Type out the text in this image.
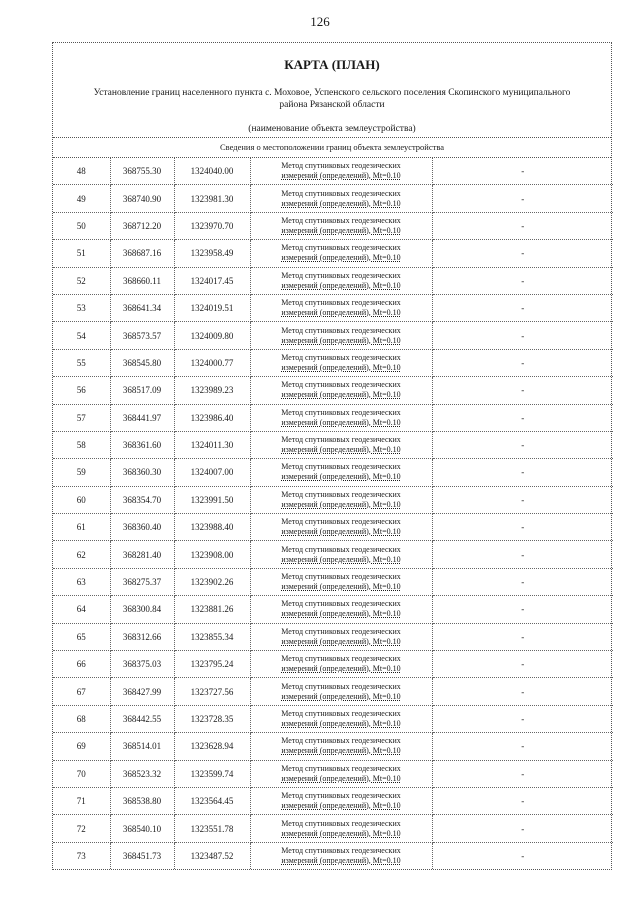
126
КАРТА (ПЛАН)
Установление границ населенного пункта с. Моховое, Успенского сельского поселения Скопинского муниципального района Рязанской области
(наименование объекта землеустройства)
Сведения о местоположении границ объекта землеустройства
48	368755.30	1324040.00	Метод спутниковых геодезических
измерений (определений), Mt=0.10	-
49	368740.90	1323981.30	Метод спутниковых геодезических
измерений (определений), Mt=0.10	-
50	368712.20	1323970.70	Метод спутниковых геодезических
измерений (определений), Mt=0.10	-
51	368687.16	1323958.49	Метод спутниковых геодезических
измерений (определений), Mt=0.10	-
52	368660.11	1324017.45	Метод спутниковых геодезических
измерений (определений), Mt=0.10	-
53	368641.34	1324019.51	Метод спутниковых геодезических
измерений (определений), Mt=0.10	-
54	368573.57	1324009.80	Метод спутниковых геодезических
измерений (определений), Mt=0.10	-
55	368545.80	1324000.77	Метод спутниковых геодезических
измерений (определений), Mt=0.10	-
56	368517.09	1323989.23	Метод спутниковых геодезических
измерений (определений), Mt=0.10	-
57	368441.97	1323986.40	Метод спутниковых геодезических
измерений (определений), Mt=0.10	-
58	368361.60	1324011.30	Метод спутниковых геодезических
измерений (определений), Mt=0.10	-
59	368360.30	1324007.00	Метод спутниковых геодезических
измерений (определений), Mt=0.10	-
60	368354.70	1323991.50	Метод спутниковых геодезических
измерений (определений), Mt=0.10	-
61	368360.40	1323988.40	Метод спутниковых геодезических
измерений (определений), Mt=0.10	-
62	368281.40	1323908.00	Метод спутниковых геодезических
измерений (определений), Mt=0.10	-
63	368275.37	1323902.26	Метод спутниковых геодезических
измерений (определений), Mt=0.10	-
64	368300.84	1323881.26	Метод спутниковых геодезических
измерений (определений), Mt=0.10	-
65	368312.66	1323855.34	Метод спутниковых геодезических
измерений (определений), Mt=0.10	-
66	368375.03	1323795.24	Метод спутниковых геодезических
измерений (определений), Mt=0.10	-
67	368427.99	1323727.56	Метод спутниковых геодезических
измерений (определений), Mt=0.10	-
68	368442.55	1323728.35	Метод спутниковых геодезических
измерений (определений), Mt=0.10	-
69	368514.01	1323628.94	Метод спутниковых геодезических
измерений (определений), Mt=0.10	-
70	368523.32	1323599.74	Метод спутниковых геодезических
измерений (определений), Mt=0.10	-
71	368538.80	1323564.45	Метод спутниковых геодезических
измерений (определений), Mt=0.10	-
72	368540.10	1323551.78	Метод спутниковых геодезических
измерений (определений), Mt=0.10	-
73	368451.73	1323487.52	Метод спутниковых геодезических
измерений (определений), Mt=0.10	-
